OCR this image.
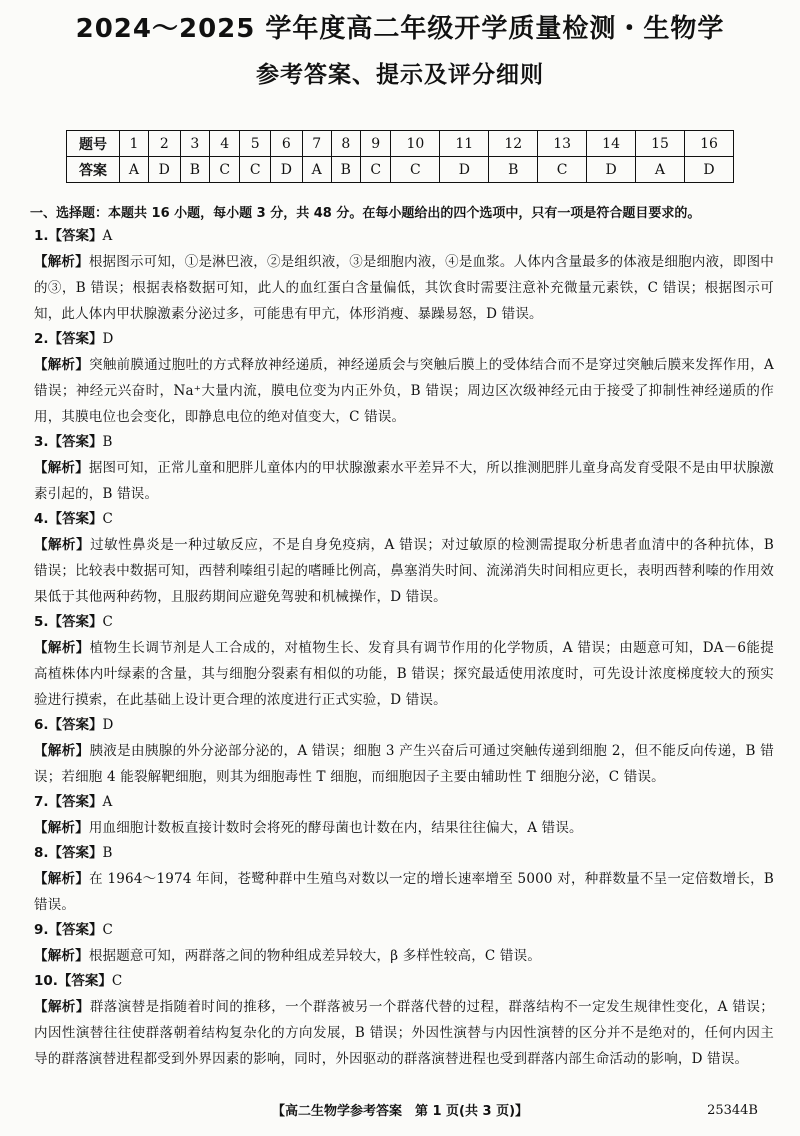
2024～2025 学年度高二年级开学质量检测・生物学
参考答案、提示及评分细则
题号	1	2	3	4	5	6	7	8	9	10	11	12	13	14	15	16
答案	A	D	B	C	C	D	A	B	C	C	D	B	C	D	A	D
一、选择题：本题共 16 小题，每小题 3 分，共 48 分。在每小题给出的四个选项中，只有一项是符合题目要求的。
1.【答案】A
【解析】根据图示可知，①是淋巴液，②是组织液，③是细胞内液，④是血浆。人体内含量最多的体液是细胞内液，即图中的③，B 错误；根据表格数据可知，此人的血红蛋白含量偏低，其饮食时需要注意补充微量元素铁，C 错误；根据图示可知，此人体内甲状腺激素分泌过多，可能患有甲亢，体形消瘦、暴躁易怒，D 错误。
2.【答案】D
【解析】突触前膜通过胞吐的方式释放神经递质，神经递质会与突触后膜上的受体结合而不是穿过突触后膜来发挥作用，A 错误；神经元兴奋时，Na⁺大量内流，膜电位变为内正外负，B 错误；周边区次级神经元由于接受了抑制性神经递质的作用，其膜电位也会变化，即静息电位的绝对值变大，C 错误。
3.【答案】B
【解析】据图可知，正常儿童和肥胖儿童体内的甲状腺激素水平差异不大，所以推测肥胖儿童身高发育受限不是由甲状腺激素引起的，B 错误。
4.【答案】C
【解析】过敏性鼻炎是一种过敏反应，不是自身免疫病，A 错误；对过敏原的检测需提取分析患者血清中的各种抗体，B 错误；比较表中数据可知，西替利嗪组引起的嗜睡比例高，鼻塞消失时间、流涕消失时间相应更长，表明西替利嗪的作用效果低于其他两种药物，且服药期间应避免驾驶和机械操作，D 错误。
5.【答案】C
【解析】植物生长调节剂是人工合成的，对植物生长、发育具有调节作用的化学物质，A 错误；由题意可知，DA－6能提高植株体内叶绿素的含量，其与细胞分裂素有相似的功能，B 错误；探究最适使用浓度时，可先设计浓度梯度较大的预实验进行摸索，在此基础上设计更合理的浓度进行正式实验，D 错误。
6.【答案】D
【解析】胰液是由胰腺的外分泌部分泌的，A 错误；细胞 3 产生兴奋后可通过突触传递到细胞 2，但不能反向传递，B 错误；若细胞 4 能裂解靶细胞，则其为细胞毒性 T 细胞，而细胞因子主要由辅助性 T 细胞分泌，C 错误。
7.【答案】A
【解析】用血细胞计数板直接计数时会将死的酵母菌也计数在内，结果往往偏大，A 错误。
8.【答案】B
【解析】在 1964～1974 年间，苍鹭种群中生殖鸟对数以一定的增长速率增至 5000 对，种群数量不呈一定倍数增长，B 错误。
9.【答案】C
【解析】根据题意可知，两群落之间的物种组成差异较大，β 多样性较高，C 错误。
10.【答案】C
【解析】群落演替是指随着时间的推移，一个群落被另一个群落代替的过程，群落结构不一定发生规律性变化，A 错误；内因性演替往往使群落朝着结构复杂化的方向发展，B 错误；外因性演替与内因性演替的区分并不是绝对的，任何内因主导的群落演替进程都受到外界因素的影响，同时，外因驱动的群落演替进程也受到群落内部生命活动的影响，D 错误。
【高二生物学参考答案　第 1 页(共 3 页)】	25344B
